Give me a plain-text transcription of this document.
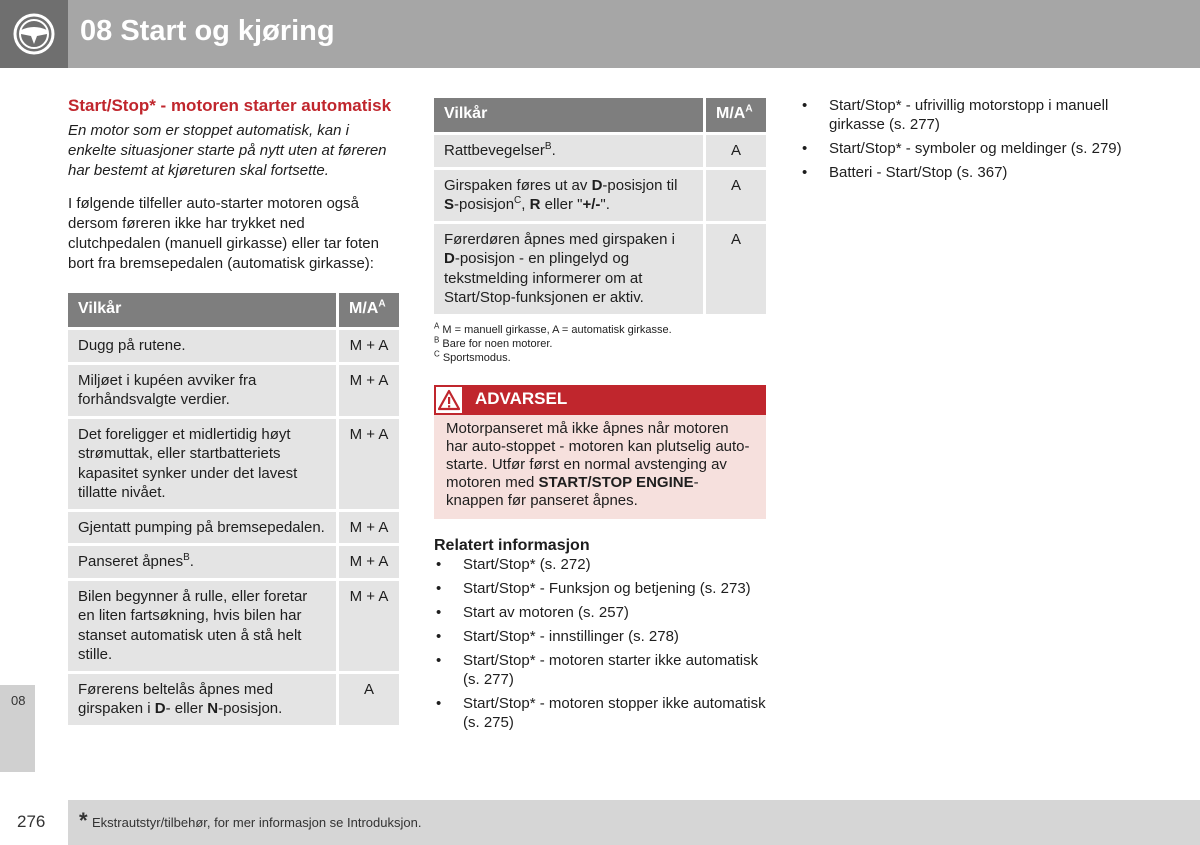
08 Start og kjøring
08
Start/Stop* - motoren starter automatisk
En motor som er stoppet automatisk, kan i enkelte situasjoner starte på nytt uten at føreren har bestemt at kjøreturen skal fortsette.
I følgende tilfeller auto-starter motoren også dersom føreren ikke har trykket ned clutchpedalen (manuell girkasse) eller tar foten bort fra bremsepedalen (automatisk girkasse):
Vilkår	$M/A^A$
Dugg på rutene.	M + A
Miljøet i kupéen avviker fra forhåndsvalgte verdier.	M + A
Det foreligger et midlertidig høyt strømuttak, eller startbatteriets kapasitet synker under det lavest tillatte nivået.	M + A
Gjentatt pumping på bremsepedalen.	M + A
Panseret åpnes$^B$.	M + A
Bilen begynner å rulle, eller foretar en liten fartsøkning, hvis bilen har stanset automatisk uten å stå helt stille.	M + A
Førerens beltelås åpnes med girspaken i D- eller N-posisjon.	A
Vilkår	$M/A^A$
Rattbevegelser$^B$.	A
Girspaken føres ut av D-posisjon til S-posisjon$^C$, R eller "+/-".	A
Førerdøren åpnes med girspaken i D-posisjon - en plingelyd og tekstmelding informerer om at Start/Stop-funksjonen er aktiv.	A
$^A$ M = manuell girkasse, A = automatisk girkasse.
$^B$ Bare for noen motorer.
$^C$ Sportsmodus.
ADVARSEL
Motorpanseret må ikke åpnes når motoren har auto-stoppet - motoren kan plutselig auto-starte. Utfør først en normal avstenging av motoren med START/STOP ENGINE-knappen før panseret åpnes.
Relatert informasjon
• Start/Stop* (s. 272)
• Start/Stop* - Funksjon og betjening (s. 273)
• Start av motoren (s. 257)
• Start/Stop* - innstillinger (s. 278)
• Start/Stop* - motoren starter ikke automatisk (s. 277)
• Start/Stop* - motoren stopper ikke automatisk (s. 275)
• Start/Stop* - ufrivillig motorstopp i manuell girkasse (s. 277)
• Start/Stop* - symboler og meldinger (s. 279)
• Batteri - Start/Stop (s. 367)
276 * Ekstrautstyr/tilbehør, for mer informasjon se Introduksjon.
